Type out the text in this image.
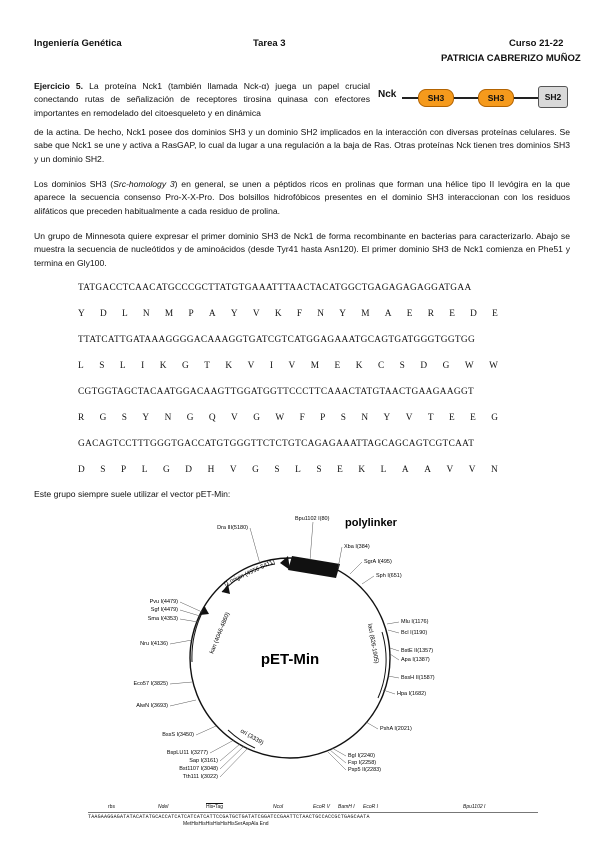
Ingeniería Genética	Tarea 3	Curso 21-22
PATRICIA CABRERIZO MUÑOZ
Nck	SH3	SH3	SH2

Ejercicio 5. La proteína Nck1 (también llamada Nck-α) juega un papel crucial conectando rutas de señalización de receptores tirosina quinasa con efectores importantes en remodelado del citoesqueleto y en dinámica

de la actina. De hecho, Nck1 posee dos dominios SH3 y un dominio SH2 implicados en la interacción con diversas proteínas celulares. Se sabe que Nck1 se une y activa a RasGAP, lo cual da lugar a una regulación a la baja de Ras. Otras proteínas Nck tienen tres dominios SH3 y un dominio SH2.

Los dominios SH3 (Src-homology 3) en general, se unen a péptidos ricos en prolinas que forman una hélice tipo II levógira en la que aparece la secuencia consenso Pro-X-X-Pro. Dos bolsillos hidrofóbicos presentes en el dominio SH3 interaccionan con los residuos alifáticos que preceden habitualmente a cada residuo de prolina.

Un grupo de Minnesota quiere expresar el primer dominio SH3 de Nck1 de forma recombinante en bacterias para caracterizarlo. Abajo se muestra la secuencia de nucleótidos y de aminoácidos (desde Tyr41 hasta Asn120). El primer dominio SH3 de Nck1 comienza en Phe51 y termina en Gly100.

TATGACCTCAACATGCCCGCTTATGTGAAATTTAACTACATGGCTGAGAGAGAGGATGAA
Y D L N M P A Y V K F N Y M A E R E D E
TTATCATTGATAAAGGGGACAAAGGTGATCGTCATGGAGAAATGCAGTGATGGGTGGTGG
L S L I K G T K V I V M E K C S D G W W
CGTGGTAGCTACAATGGACAAGTTGGATGGTTCCCTTCAAACTATGTAACTGAAGAAGGT
R G S Y N G Q V G W F P S N Y V T E E G
GACAGTCCTTTGGGTGACCATGTGGGTTCTCTGTCAGAGAAATTAGCAGCAGTCGTCAAT
D S P L G D H V G S L S E K L A A V V N

Este grupo siempre suele utilizar el vector pET-Min:

pET-Min
polylinker
f1 origin (4956-5411)
kan (4046-4860)	lacI (826-1905)
ori (3339)
Bpu1102 I(80)
Xba I(384)
SgrA I(495)
Sph I(651)
Mlu I(1176)
Bcl I(1190)
BstE II(1357)
Apa I(1387)
BssH II(1587)
Hpa I(1682)
PshA I(2021)
Bgl I(2240)
Fsp I(2258)
Psp5 II(2283)
Dra III(5180)
Pvu I(4479)
Sgf I(4479)
Sma I(4353)
Nru I(4136)
Eco57 I(3825)
AlwN I(3693)
BssS I(3450)
BspLU11 I(3277)
Sap I(3161)
Bst1107 I(3048)
Tth111 I(3022)
rbs	NdeI	His•Tag	NcoI	EcoR V BamH I EcoR I	Bpu1102 I
TAAGAAGGAGATATACATATGCACCATCATCATCATCATTCCGATGCTGATATCGGATCCGAATTCTAACTGCCACCGCTGAGCAATA
MetHisHisHisHisHisHisSerAspAla End
